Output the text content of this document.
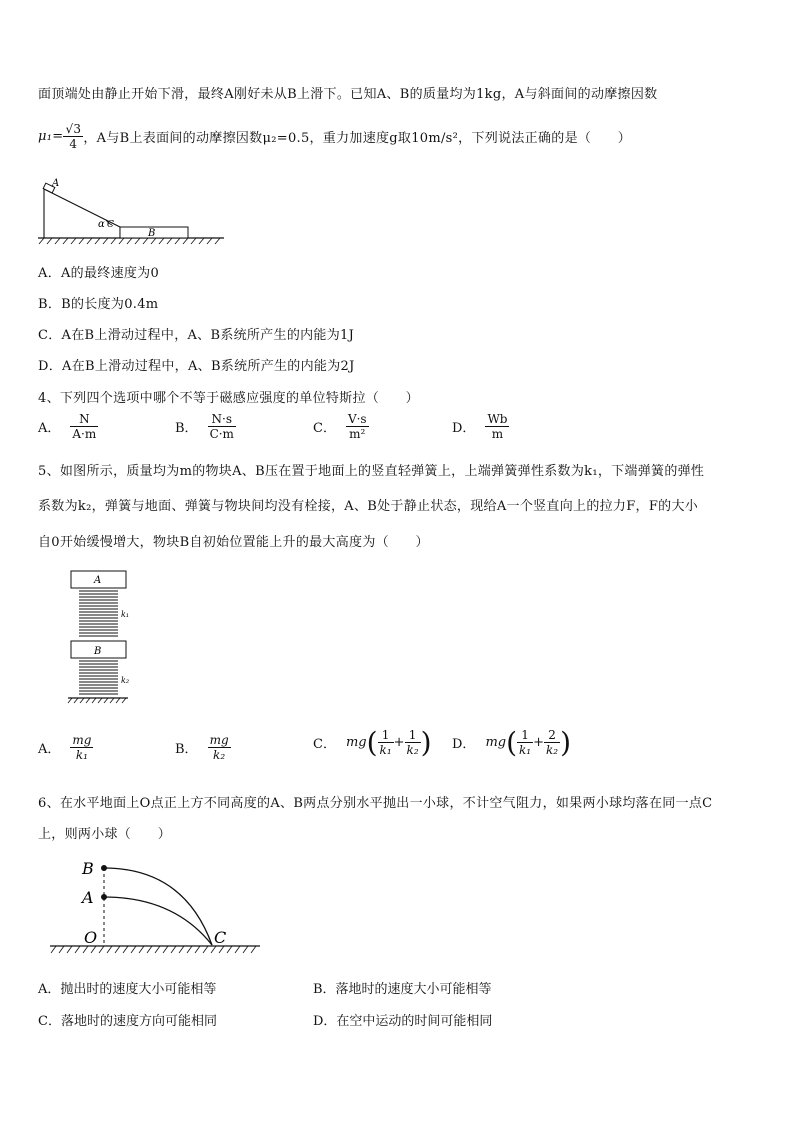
面顶端处由静止开始下滑，最终A刚好未从B上滑下。已知A、B的质量均为1kg，A与斜面间的动摩擦因数
$\mu_1= \frac{√3}{4}$ ，A与B上表面间的动摩擦因数μ₂=0.5，重力加速度g取10m/s²，下列说法正确的是（　　）
A
α C
B
A．A的最终速度为0
B．B的长度为0.4m
C．A在B上滑动过程中，A、B系统所产生的内能为1J
D．A在B上滑动过程中，A、B系统所产生的内能为2J
4、下列四个选项中哪个不等于磁感应强度的单位特斯拉（　　）
A． $\frac{N}{A\cdot m}$	B． $\frac{N\cdot s}{C\cdot m}$	C． $\frac{V\cdot s}{\text{m²}}$	D． $\frac{Wb}{m}$
5、如图所示，质量均为m的物块A、B压在置于地面上的竖直轻弹簧上，上端弹簧弹性系数为k₁，下端弹簧的弹性
系数为k₂，弹簧与地面、弹簧与物块间均没有栓接，A、B处于静止状态，现给A一个竖直向上的拉力F，F的大小
自0开始缓慢增大，物块B自初始位置能上升的最大高度为（　　）
A
k₁
B
k₂
A． $\frac{mg}{\text{k₁}}$	B． $\frac{mg}{\text{k₂}}$	C． mg ( $\frac{1}{\text{k₁}} + \frac{1}{\text{k₂}}$ ) D． mg ( $\frac{1}{\text{k₁}} + \frac{2}{\text{k₂}}$ )
6、在水平地面上O点正上方不同高度的A、B两点分别水平抛出一小球，不计空气阻力，如果两小球均落在同一点C
上，则两小球（　　）
B
A
O	C
A．抛出时的速度大小可能相等	B．落地时的速度大小可能相等
C．落地时的速度方向可能相同	D．在空中运动的时间可能相同
